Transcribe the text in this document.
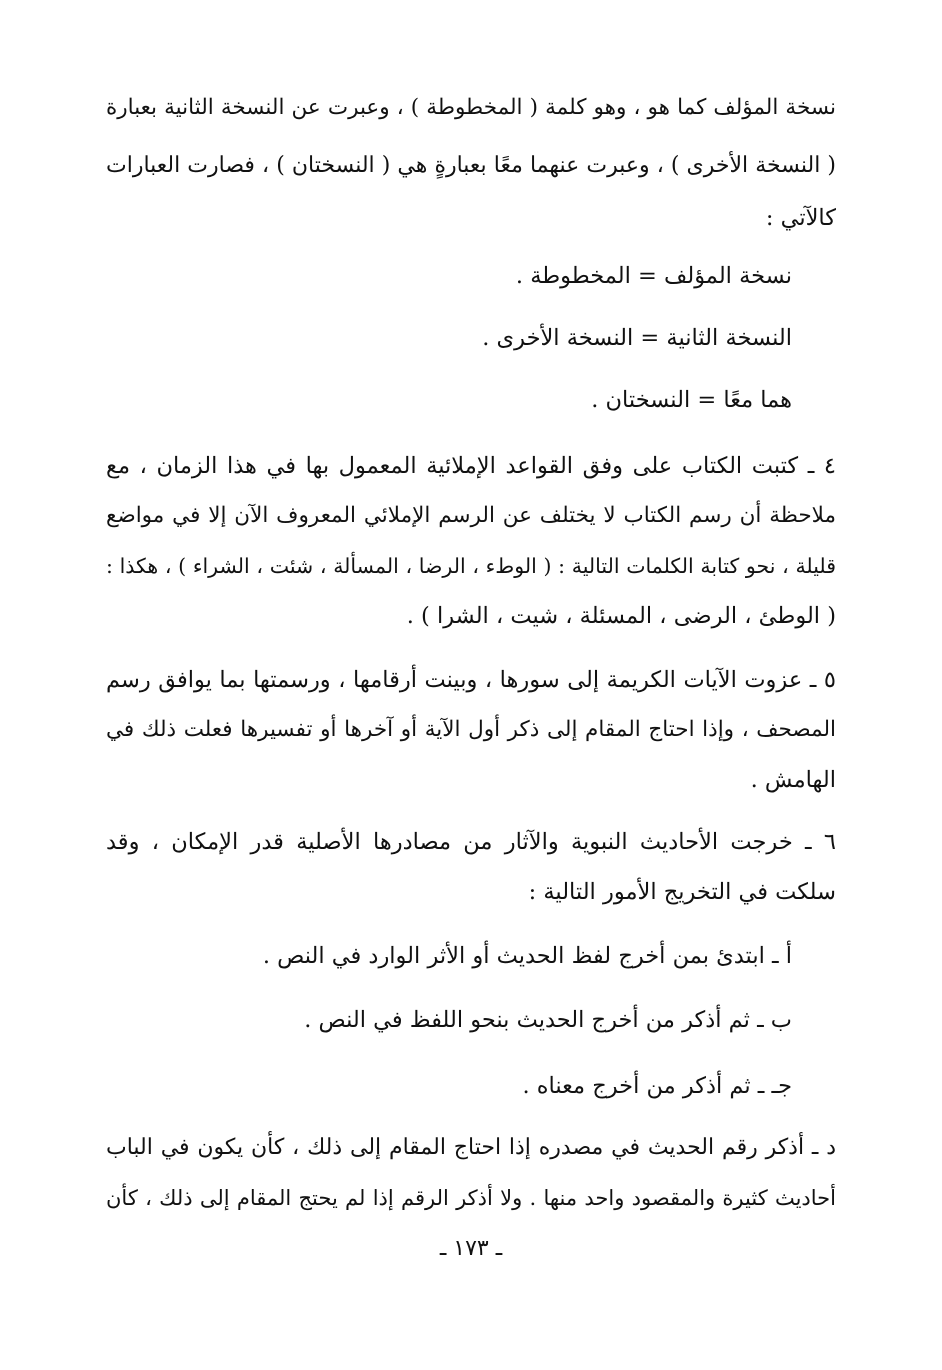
نسخة المؤلف كما هو ، وهو كلمة ( المخطوطة ) ، وعبرت عن النسخة الثانية بعبارة
( النسخة الأخرى ) ، وعبرت عنهما معًا بعبارةٍ هي ( النسختان ) ، فصارت العبارات
كالآتي :
نسخة المؤلف = المخطوطة .
النسخة الثانية = النسخة الأخرى .
هما معًا = النسختان .
٤ ـ كتبت الكتاب على وفق القواعد الإملائية المعمول بها في هذا الزمان ، مع
ملاحظة أن رسم الكتاب لا يختلف عن الرسم الإملائي المعروف الآن إلا في مواضع
قليلة ، نحو كتابة الكلمات التالية : ( الوطء ، الرضا ، المسألة ، شئت ، الشراء ) ، هكذا :
( الوطئ ، الرضى ، المسئلة ، شيت ، الشرا ) .
٥ ـ عزوت الآيات الكريمة إلى سورها ، وبينت أرقامها ، ورسمتها بما يوافق رسم
المصحف ، وإذا احتاج المقام إلى ذكر أول الآية أو آخرها أو تفسيرها فعلت ذلك في
الهامش .
٦ ـ خرجت الأحاديث النبوية والآثار من مصادرها الأصلية قدر الإمكان ، وقد
سلكت في التخريج الأمور التالية :
أ ـ ابتدئ بمن أخرج لفظ الحديث أو الأثر الوارد في النص .
ب ـ ثم أذكر من أخرج الحديث بنحو اللفظ في النص .
جـ ـ ثم أذكر من أخرج معناه .
د ـ أذكر رقم الحديث في مصدره إذا احتاج المقام إلى ذلك ، كأن يكون في الباب
أحاديث كثيرة والمقصود واحد منها . ولا أذكر الرقم إذا لم يحتج المقام إلى ذلك ، كأن
ـ ١٧٣ ـ
